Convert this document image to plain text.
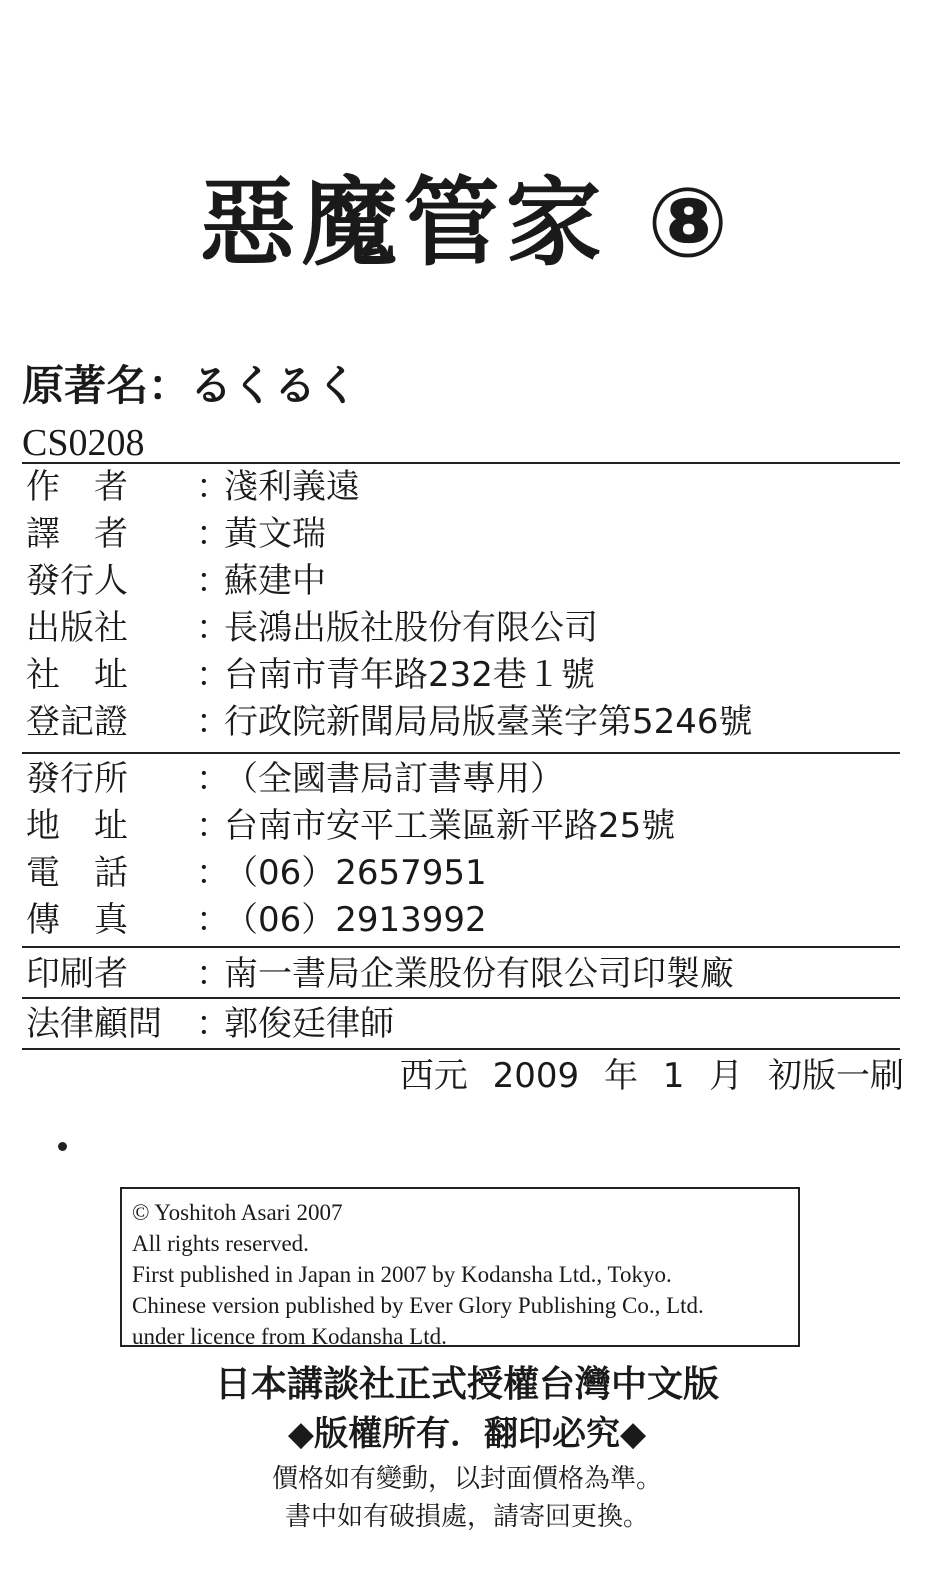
惡魔管家 ⑧
原著名：るくるく
CS0208
作　者	：
淺利義遠
譯　者	：
黃文瑞
發行人	：
蘇建中
出版社	：
長鴻出版社股份有限公司
社　址	：
台南市青年路232巷１號
登記證	：
行政院新聞局局版臺業字第5246號
發行所	：
（全國書局訂書專用）
地　址	：
台南市安平工業區新平路25號
電　話	：
（06）2657951
傳　真	：
（06）2913992
印刷者	：
南一書局企業股份有限公司印製廠
法律顧問	：
郭俊廷律師
西元 2009 年 1 月 初版一刷
© Yoshitoh Asari 2007
All rights reserved.
First published in Japan in 2007 by Kodansha Ltd., Tokyo.
Chinese version published by Ever Glory Publishing Co., Ltd.
under licence from Kodansha Ltd.
日本講談社正式授權台灣中文版
◆版權所有．翻印必究◆
價格如有變動，以封面價格為準。
書中如有破損處，請寄回更換。
